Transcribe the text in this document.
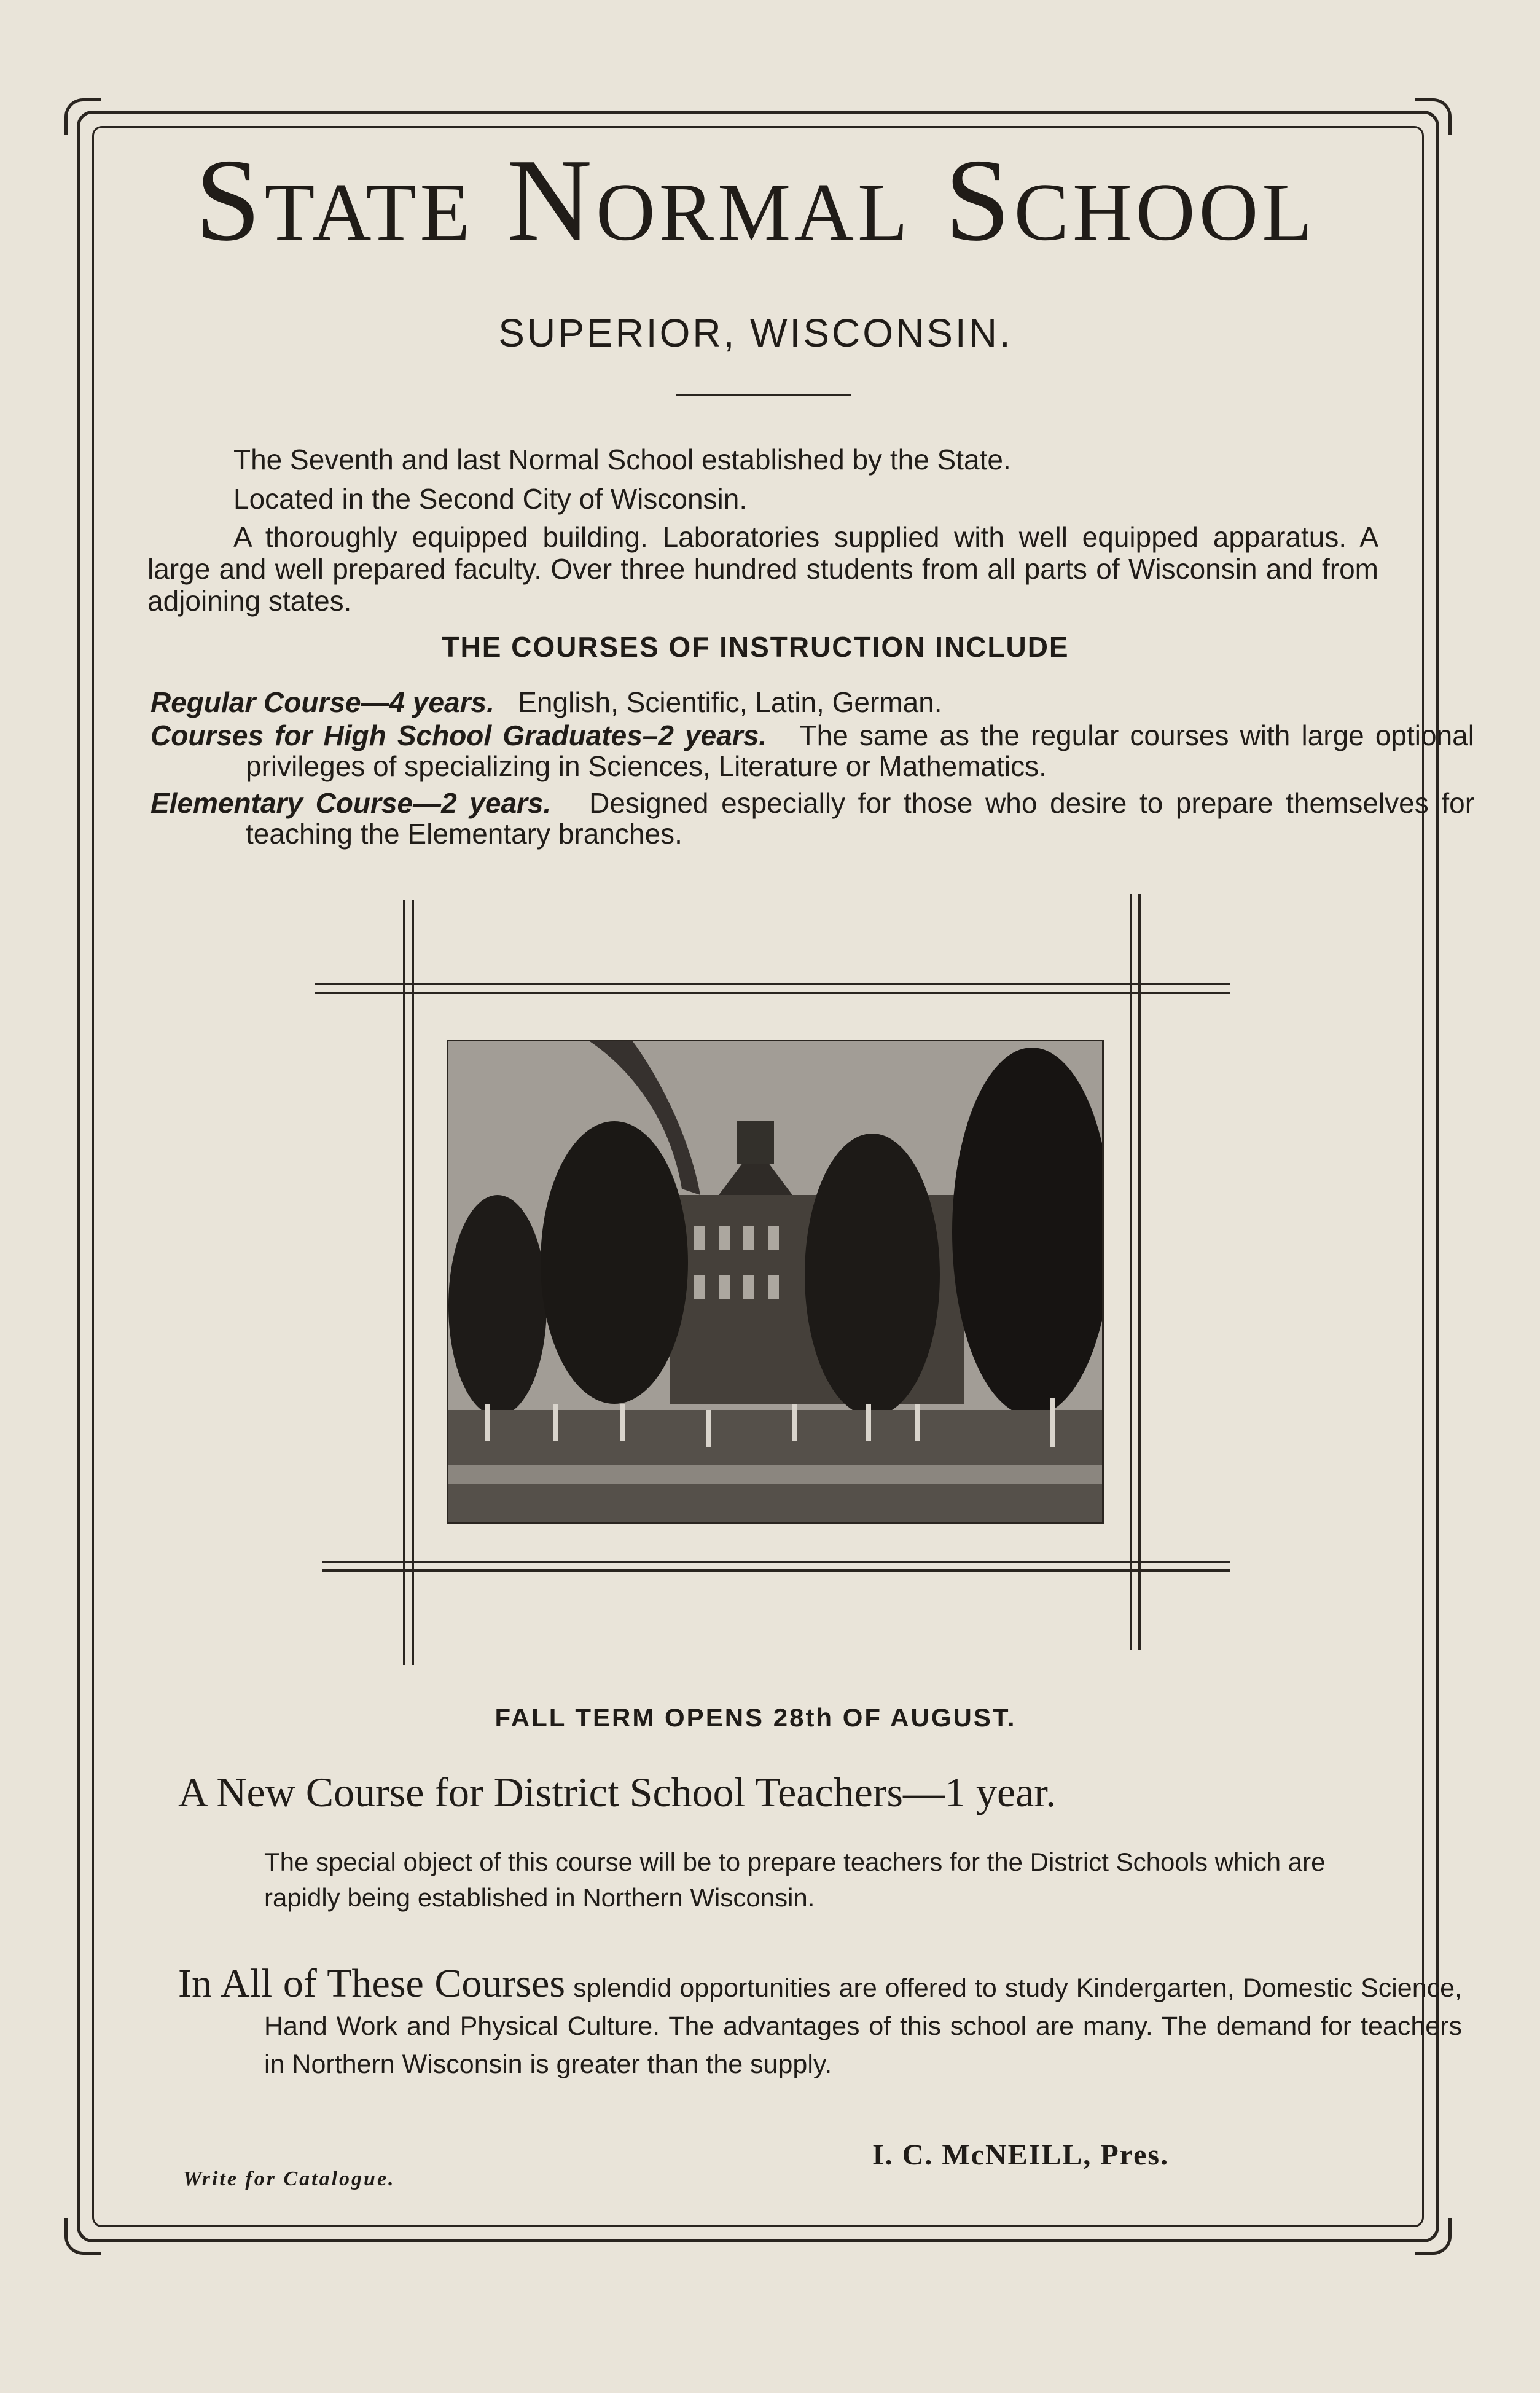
State Normal School
SUPERIOR, WISCONSIN.
The Seventh and last Normal School established by the State.
Located in the Second City of Wisconsin.
A thoroughly equipped building. Laboratories supplied with well equipped apparatus. A large and well prepared faculty. Over three hundred students from all parts of Wisconsin and from adjoining states.
THE COURSES OF INSTRUCTION INCLUDE
Regular Course—4 years. English, Scientific, Latin, German.
Courses for High School Graduates–2 years. The same as the regular courses with large optional privileges of specializing in Sciences, Literature or Mathematics.
Elementary Course—2 years. Designed especially for those who desire to prepare themselves for teaching the Elementary branches.
FALL TERM OPENS 28th OF AUGUST.
A New Course for District School Teachers—1 year.
The special object of this course will be to prepare teachers for the District Schools which are rapidly being established in Northern Wisconsin.
In All of These Courses splendid opportunities are offered to study Kindergarten, Domestic Science, Hand Work and Physical Culture. The advantages of this school are many. The demand for teachers in Northern Wisconsin is greater than the supply.
Write for Catalogue.
I. C. McNEILL, Pres.
